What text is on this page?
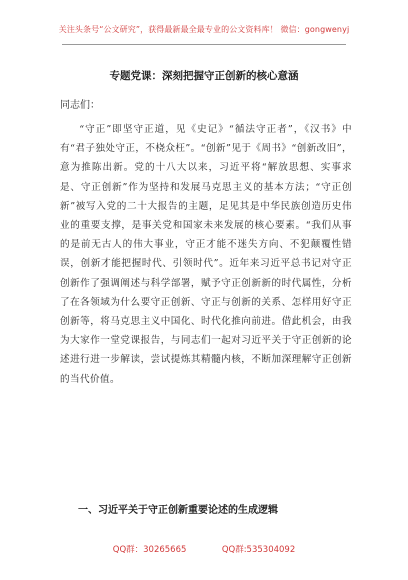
关注头条号“公文研究”，获得最新最全最专业的公文资料库！ 微信：gongwenyj
专题党课：深刻把握守正创新的核心意涵
同志们：
“守正”即坚守正道，见《史记》“循法守正者”，《汉书》中有“君子独处守正，不桡众枉”。“创新”见于《周书》“创新改旧”，意为推陈出新。党的十八大以来，习近平将“解放思想、实事求是、守正创新”作为坚持和发展马克思主义的基本方法；“守正创新”被写入党的二十大报告的主题，足见其是中华民族创造历史伟业的重要支撑，是事关党和国家未来发展的核心要素。“我们从事的是前无古人的伟大事业，守正才能不迷失方向、不犯颠覆性错误，创新才能把握时代、引领时代”。近年来习近平总书记对守正创新作了强调阐述与科学部署，赋予守正创新新的时代属性，分析了在各领域为什么要守正创新、守正与创新的关系、怎样用好守正创新等，将马克思主义中国化、时代化推向前进。借此机会，由我为大家作一堂党课报告，与同志们一起对习近平关于守正创新的论述进行进一步解读，尝试提炼其精髓内核，不断加深理解守正创新的当代价值。
一、习近平关于守正创新重要论述的生成逻辑
QQ群：30265665	QQ群:535304092
